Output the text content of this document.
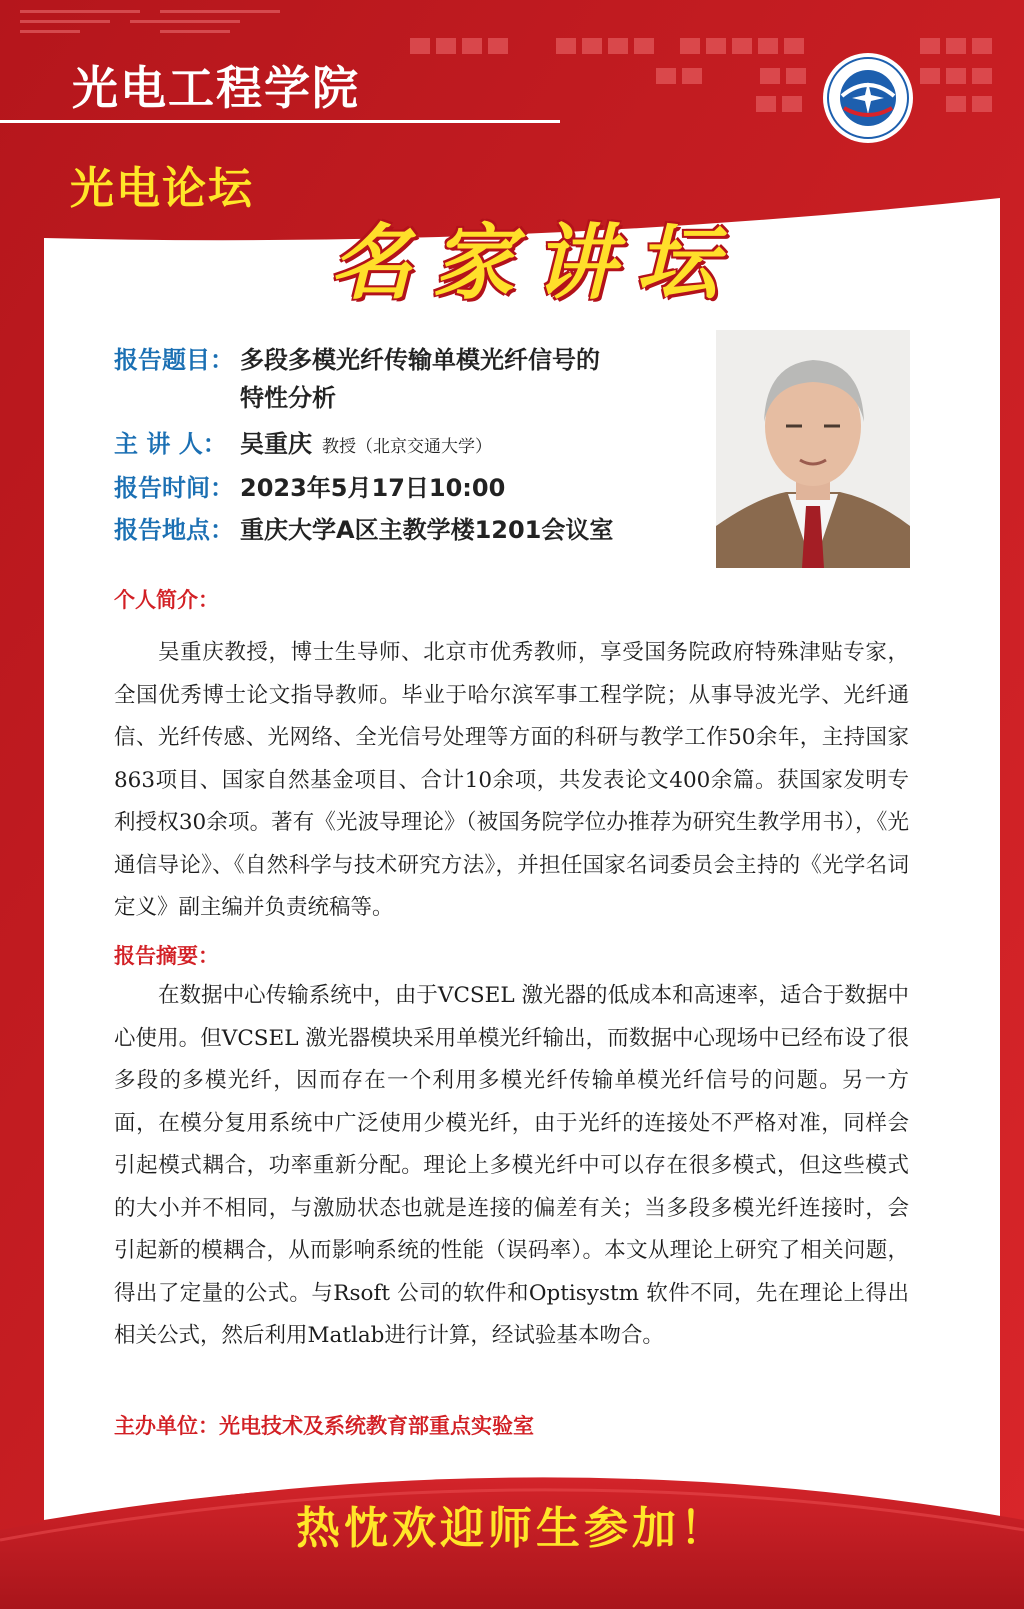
光电工程学院
光电论坛
名家讲坛
报告题目： 多段多模光纤传输单模光纤信号的
特性分析
主 讲 人： 吴重庆 教授（北京交通大学）
报告时间： 2023年5月17日10:00
报告地点： 重庆大学A区主教学楼1201会议室
个人简介：

吴重庆教授，博士生导师、北京市优秀教师，享受国务院政府特殊津贴专家，全国优秀博士论文指导教师。毕业于哈尔滨军事工程学院；从事导波光学、光纤通信、光纤传感、光网络、全光信号处理等方面的科研与教学工作50余年，主持国家863项目、国家自然基金项目、合计10余项，共发表论文400余篇。获国家发明专利授权30余项。著有《光波导理论》（被国务院学位办推荐为研究生教学用书），《光通信导论》、《自然科学与技术研究方法》，并担任国家名词委员会主持的《光学名词定义》副主编并负责统稿等。

报告摘要：

在数据中心传输系统中，由于VCSEL 激光器的低成本和高速率，适合于数据中心使用。但VCSEL 激光器模块采用单模光纤输出，而数据中心现场中已经布设了很多段的多模光纤，因而存在一个利用多模光纤传输单模光纤信号的问题。另一方面，在模分复用系统中广泛使用少模光纤，由于光纤的连接处不严格对准，同样会引起模式耦合，功率重新分配。理论上多模光纤中可以存在很多模式，但这些模式的大小并不相同，与激励状态也就是连接的偏差有关；当多段多模光纤连接时，会引起新的模耦合，从而影响系统的性能（误码率）。本文从理论上研究了相关问题，得出了定量的公式。与Rsoft 公司的软件和Optisystm 软件不同，先在理论上得出相关公式，然后利用Matlab进行计算，经试验基本吻合。

主办单位：光电技术及系统教育部重点实验室
热忱欢迎师生参加！
